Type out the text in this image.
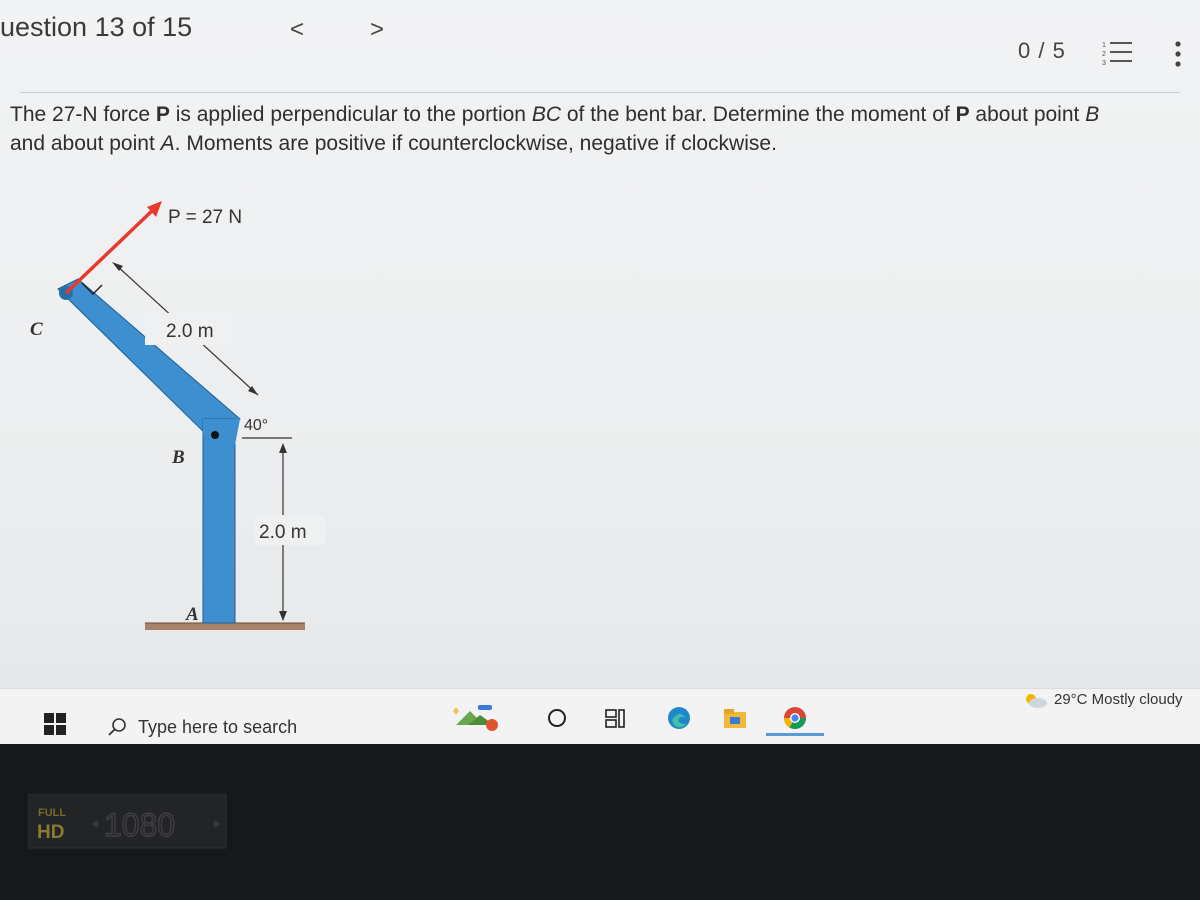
uestion 13 of 15	<	>
0 / 5	1
2
3
The 27-N force P is applied perpendicular to the portion BC of the bent bar. Determine the moment of P about point B
and about point A. Moments are positive if counterclockwise, negative if clockwise.
P = 27 N
2.0 m
40°
2.0 m
C
B
A
Type here to search
29°C Mostly cloudy
FULL
HD 1080
